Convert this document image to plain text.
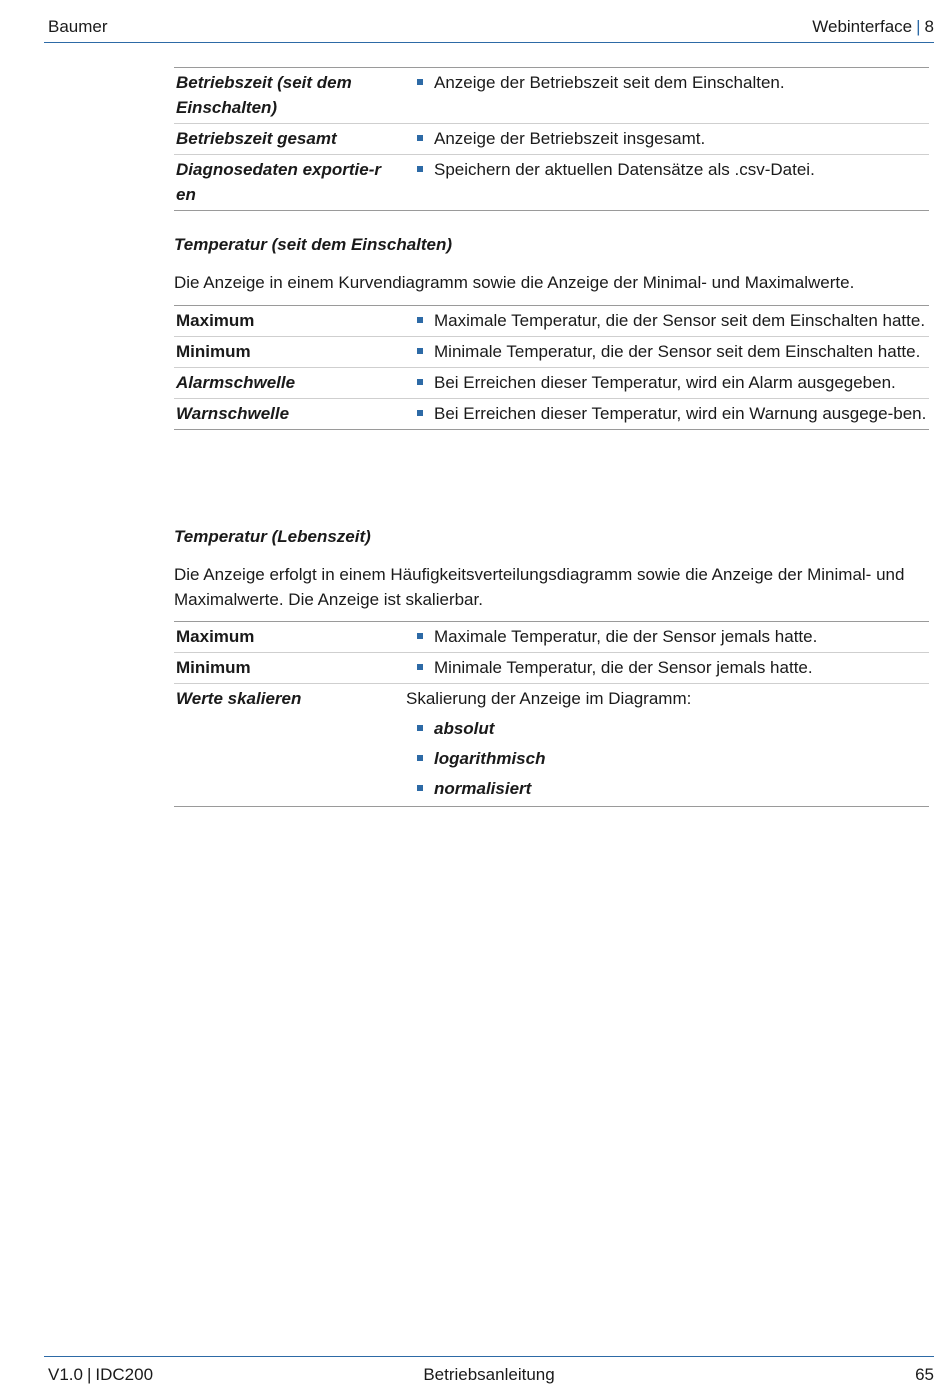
Baumer	Webinterface | 8
Betriebszeit (seit dem Einschalten)	Anzeige der Betriebszeit seit dem Einschalten.

Betriebszeit gesamt	Anzeige der Betriebszeit insgesamt.

Diagnosedaten exportie-ren	Speichern der aktuellen Datensätze als .csv-Datei.

Temperatur (seit dem Einschalten)

Die Anzeige in einem Kurvendiagramm sowie die Anzeige der Minimal- und Maximalwerte.

Maximum	Maximale Temperatur, die der Sensor seit dem Einschalten hatte.

Minimum	Minimale Temperatur, die der Sensor seit dem Einschalten hatte.

Alarmschwelle	Bei Erreichen dieser Temperatur, wird ein Alarm ausgegeben.

Warnschwelle	Bei Erreichen dieser Temperatur, wird ein Warnung ausgege-ben.

Temperatur (Lebenszeit)

Die Anzeige erfolgt in einem Häufigkeitsverteilungsdiagramm sowie die Anzeige der Minimal- und Maximalwerte. Die Anzeige ist skalierbar.

Maximum	Maximale Temperatur, die der Sensor jemals hatte.

Minimum	Minimale Temperatur, die der Sensor jemals hatte.

Werte skalieren	Skalierung der Anzeige im Diagramm:
absolut
logarithmisch
normalisiert
V1.0 | IDC200	Betriebsanleitung	65
